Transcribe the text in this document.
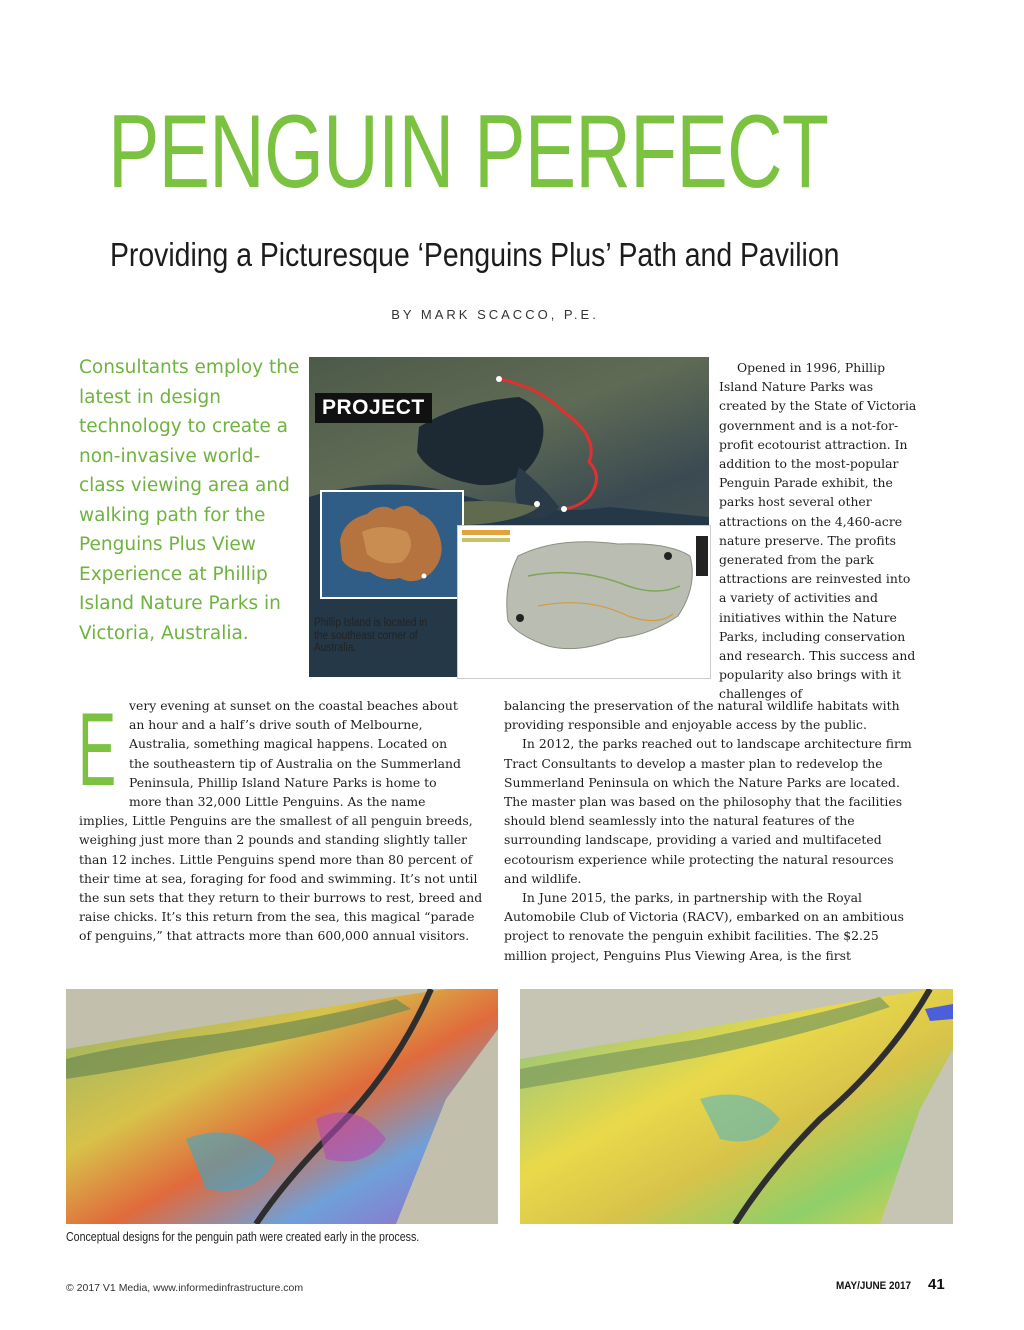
PENGUIN PERFECT
Providing a Picturesque ‘Penguins Plus’ Path and Pavilion
BY MARK SCACCO, P.E.
Consultants employ the latest in design technology to create a non-invasive world-class viewing area and walking path for the Penguins Plus View Experience at Phillip Island Nature Parks in Victoria, Australia.
PROJECT
Phillip Island is located in the southeast corner of Australia.

Opened in 1996, Phillip Island Nature Parks was created by the State of Victoria government and is a not-for-profit ecotourist attraction. In addition to the most-popular Penguin Parade exhibit, the parks host several other attractions on the 4,460-acre nature preserve. The profits generated from the park attractions are reinvested into a variety of activities and initiatives within the Nature Parks, including conservation and research. This success and popularity also brings with it challenges of

E	very evening at sunset on the coastal beaches about
an hour and a half’s drive south of Melbourne,
Australia, something magical happens. Located on
the southeastern tip of Australia on the Summerland
Peninsula, Phillip Island Nature Parks is home to
more than 32,000 Little Penguins. As the name

implies, Little Penguins are the smallest of all penguin breeds, weighing just more than 2 pounds and standing slightly taller than 12 inches. Little Penguins spend more than 80 percent of their time at sea, foraging for food and swimming. It’s not until the sun sets that they return to their burrows to rest, breed and raise chicks. It’s this return from the sea, this magical “parade of penguins,” that attracts more than 600,000 annual visitors.

balancing the preservation of the natural wildlife habitats with providing responsible and enjoyable access by the public.

In 2012, the parks reached out to landscape architecture firm Tract Consultants to develop a master plan to redevelop the Summerland Peninsula on which the Nature Parks are located. The master plan was based on the philosophy that the facilities should blend seamlessly into the natural features of the surrounding landscape, providing a varied and multifaceted ecotourism experience while protecting the natural resources and wildlife.

In June 2015, the parks, in partnership with the Royal Automobile Club of Victoria (RACV), embarked on an ambitious project to renovate the penguin exhibit facilities. The $2.25 million project, Penguins Plus Viewing Area, is the first

Conceptual designs for the penguin path were created early in the process.
© 2017 V1 Media, www.informedinfrastructure.com	MAY/JUNE 2017 41
